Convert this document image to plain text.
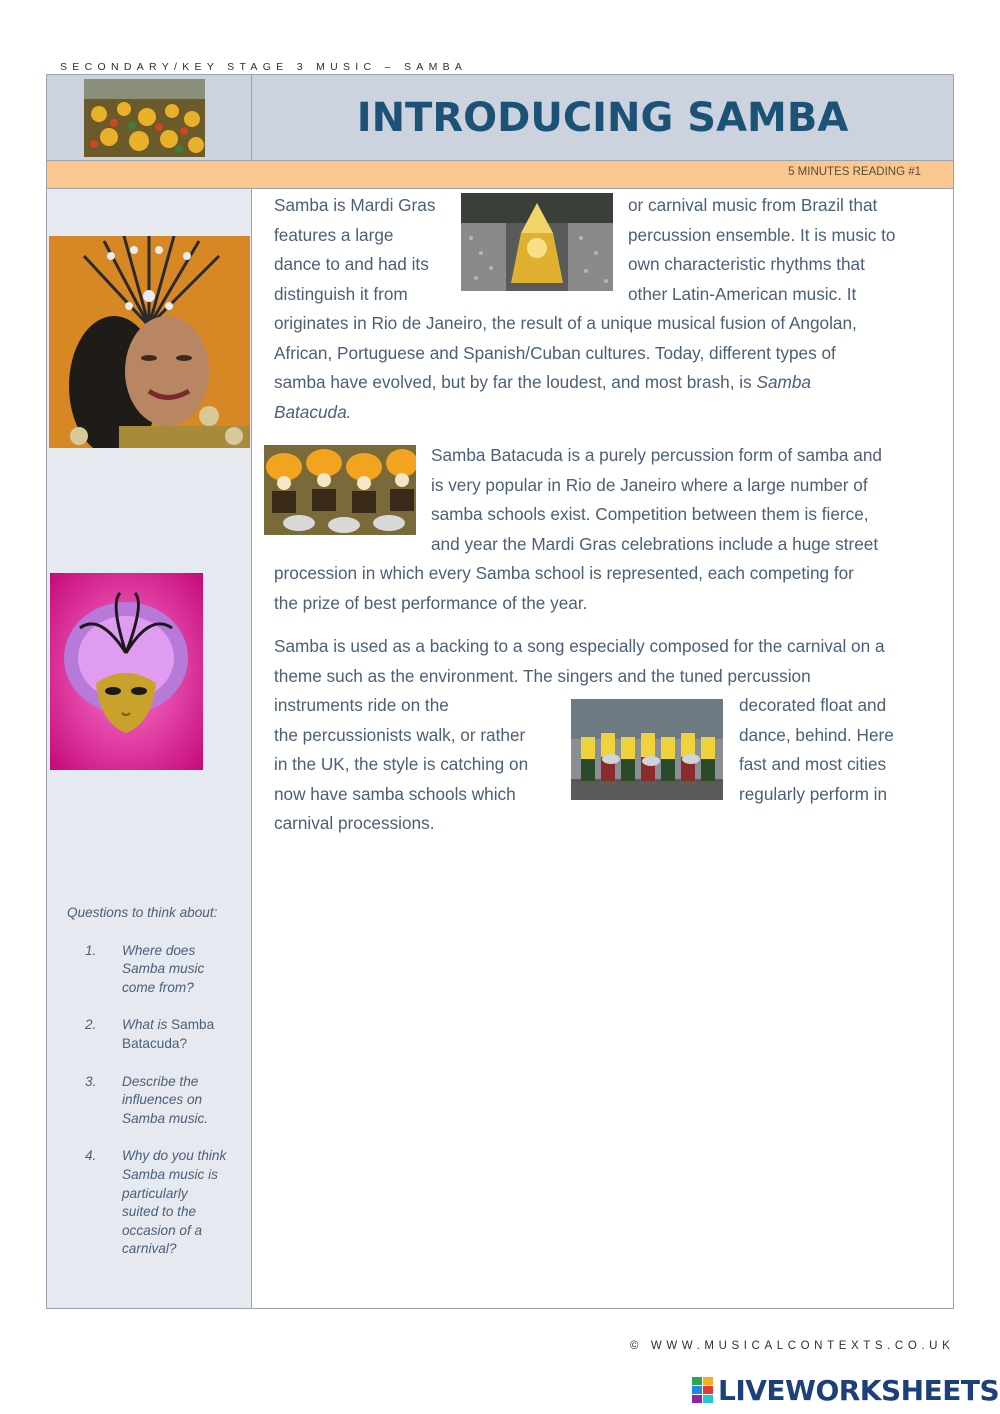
SECONDARY/KEY STAGE 3 MUSIC – SAMBA
INTRODUCING SAMBA
5 MINUTES READING #1
Questions to think about:
1. Where does
Samba music
come from?
2. What is Samba
Batacuda?
3. Describe the
influences on
Samba music.
4. Why do you think
Samba music is
particularly
suited to the
occasion of a
carnival?
Samba is Mardi Gras
features a large
dance to and had its
distinguish it from
or carnival music from Brazil that
percussion ensemble. It is music to
own characteristic rhythms that
other Latin-American music. It
originates in Rio de Janeiro, the result of a unique musical fusion of Angolan,
African, Portuguese and Spanish/Cuban cultures. Today, different types of
samba have evolved, but by far the loudest, and most brash, is Samba
Batacuda.
Samba Batacuda is a purely percussion form of samba and
is very popular in Rio de Janeiro where a large number of
samba schools exist. Competition between them is fierce,
and year the Mardi Gras celebrations include a huge street
procession in which every Samba school is represented, each competing for
the prize of best performance of the year.
Samba is used as a backing to a song especially composed for the carnival on a
theme such as the environment. The singers and the tuned percussion
instruments ride on the
the percussionists walk, or rather
in the UK, the style is catching on
now have samba schools which
carnival processions.
decorated float and
dance, behind. Here
fast and most cities
regularly perform in
© WWW.MUSICALCONTEXTS.CO.UK
LIVEWORKSHEETS
